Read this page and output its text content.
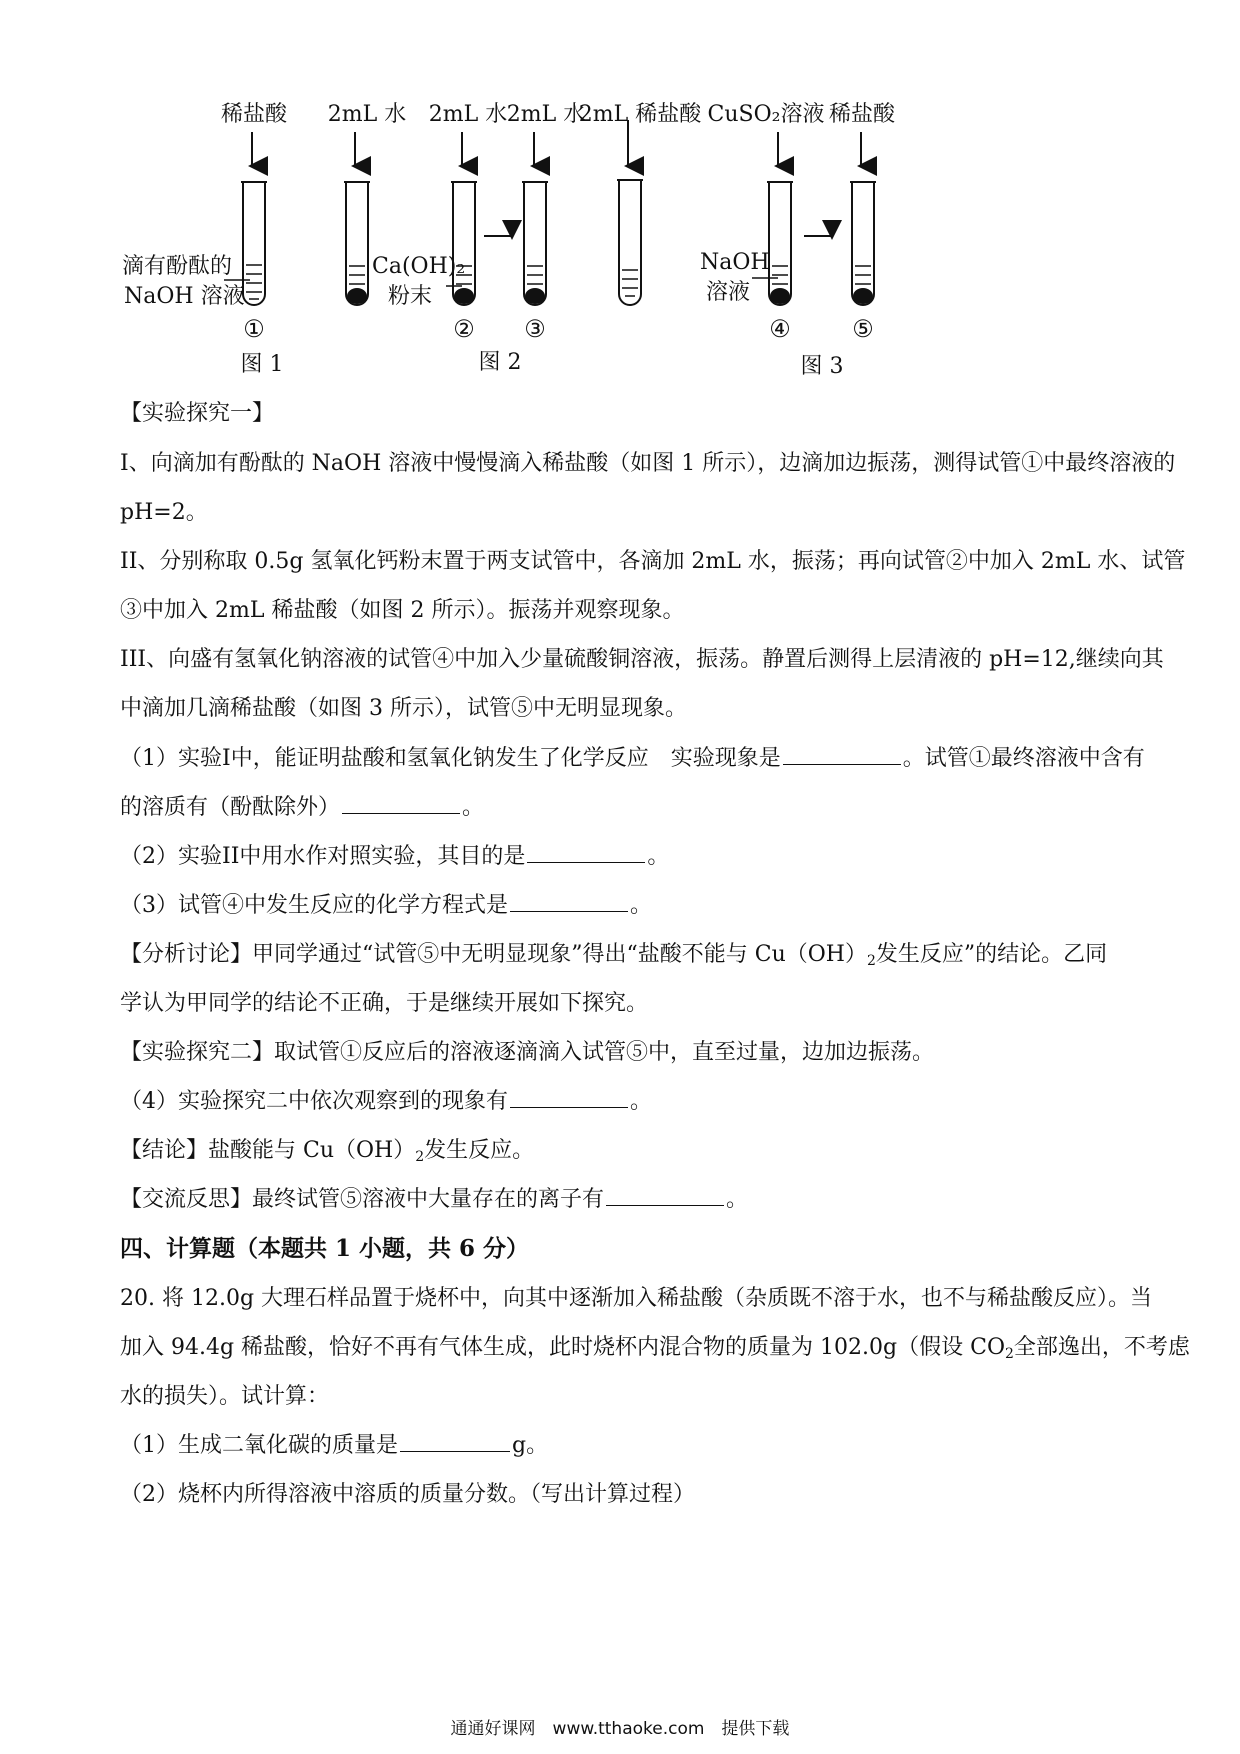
稀盐酸 2mL 水 2mL 水 2mL 水
2mL 稀盐酸 CuSO₂溶液 稀盐酸
滴有酚酞的
NaOH 溶液
Ca(OH)₂
粉末
NaOH
溶液
①	② ③	④	⑤
图 1	图 2	图 3
【实验探究一】
I、向滴加有酚酞的 NaOH 溶液中慢慢滴入稀盐酸（如图 1 所示），边滴加边振荡，测得试管①中最终溶液的
pH=2。
II、分别称取 0.5g 氢氧化钙粉末置于两支试管中，各滴加 2mL 水，振荡；再向试管②中加入 2mL 水、试管
③中加入 2mL 稀盐酸（如图 2 所示）。振荡并观察现象。
III、向盛有氢氧化钠溶液的试管④中加入少量硫酸铜溶液，振荡。静置后测得上层清液的 pH=12,继续向其
中滴加几滴稀盐酸（如图 3 所示），试管⑤中无明显现象。
（1）实验I中，能证明盐酸和氢氧化钠发生了化学反应　实验现象是	。试管①最终溶液中含有
的溶质有（酚酞除外）	。
（2）实验II中用水作对照实验，其目的是	。
（3）试管④中发生反应的化学方程式是	。
【分析讨论】甲同学通过“试管⑤中无明显现象”得出“盐酸不能与 $Cu(OH)_2$发生反应”的结论。乙同
学认为甲同学的结论不正确，于是继续开展如下探究。
【实验探究二】取试管①反应后的溶液逐滴滴入试管⑤中，直至过量，边加边振荡。
（4）实验探究二中依次观察到的现象有	。
【结论】盐酸能与 $Cu(OH)_2$发生反应。
【交流反思】最终试管⑤溶液中大量存在的离子有	。
四、计算题（本题共 1 小题，共 6 分）
20. 将 12.0g 大理石样品置于烧杯中，向其中逐渐加入稀盐酸（杂质既不溶于水，也不与稀盐酸反应）。当
加入 94.4g 稀盐酸，恰好不再有气体生成，此时烧杯内混合物的质量为 102.0g（假设 $CO_2$全部逸出，不考虑
水的损失）。试计算：
（1）生成二氧化碳的质量是	g。
（2）烧杯内所得溶液中溶质的质量分数。（写出计算过程）
通通好课网　www.tthaoke.com　提供下载
